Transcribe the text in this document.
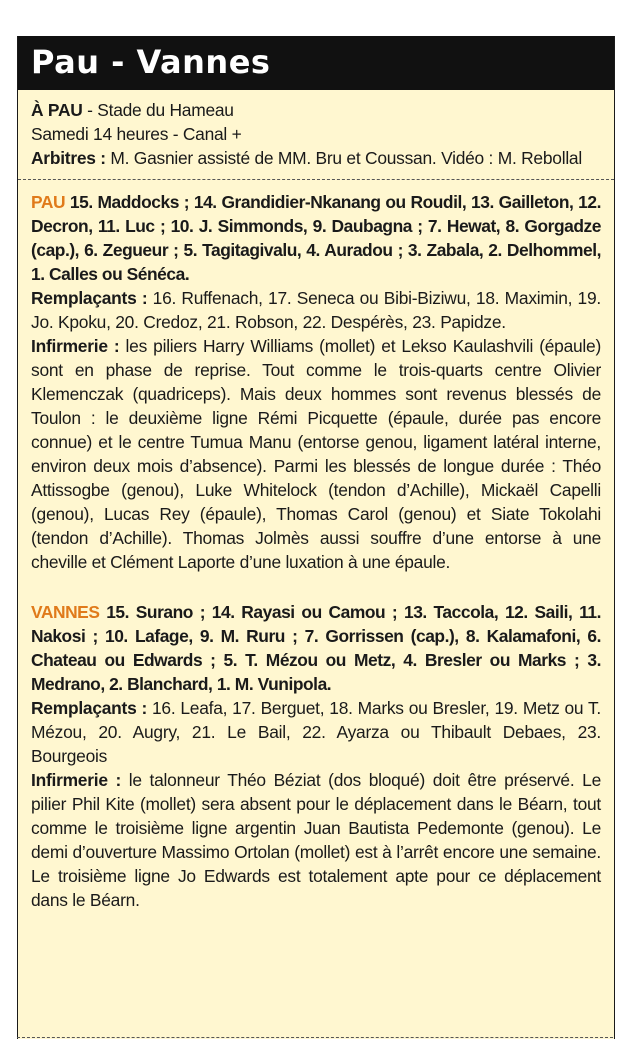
Pau - Vannes

À PAU - Stade du Hameau

Samedi 14 heures - Canal +

Arbitres : M. Gasnier assisté de MM. Bru et Coussan. Vidéo : M. Rebollal

PAU 15. Maddocks ; 14. Grandidier-Nkanang ou Roudil, 13. Gailleton, 12. Decron, 11. Luc ; 10. J. Simmonds, 9. Daubagna ; 7. Hewat, 8. Gorgadze (cap.), 6. Zegueur ; 5. Tagitagivalu, 4. Auradou ; 3. Zabala, 2. Delhommel, 1. Calles ou Sénéca.

Remplaçants : 16. Ruffenach, 17. Seneca ou Bibi-Biziwu, 18. Maximin, 19. Jo. Kpoku, 20. Credoz, 21. Robson, 22. Despérès, 23. Papidze.

Infirmerie : les piliers Harry Williams (mollet) et Lekso Kaulashvili (épaule) sont en phase de reprise. Tout comme le trois-quarts centre Olivier Klemenczak (quadriceps). Mais deux hommes sont revenus blessés de Toulon : le deuxième ligne Rémi Picquette (épaule, durée pas encore connue) et le centre Tumua Manu (entorse genou, ligament latéral interne, environ deux mois d’absence). Parmi les blessés de longue durée : Théo Attissogbe (genou), Luke Whitelock (tendon d’Achille), Mickaël Capelli (genou), Lucas Rey (épaule), Thomas Carol (genou) et Siate Tokolahi (tendon d’Achille). Thomas Jolmès aussi souffre d’une entorse à une cheville et Clément Laporte d’une luxation à une épaule.

VANNES 15. Surano ; 14. Rayasi ou Camou ; 13. Taccola, 12. Saili, 11. Nakosi ; 10. Lafage, 9. M. Ruru ; 7. Gorrissen (cap.), 8. Kalamafoni, 6. Chateau ou Edwards ; 5. T. Mézou ou Metz, 4. Bresler ou Marks ; 3. Medrano, 2. Blanchard, 1. M. Vunipola.

Remplaçants : 16. Leafa, 17. Berguet, 18. Marks ou Bresler, 19. Metz ou T. Mézou, 20. Augry, 21. Le Bail, 22. Ayarza ou Thibault Debaes, 23. Bourgeois

Infirmerie : le talonneur Théo Béziat (dos bloqué) doit être préservé. Le pilier Phil Kite (mollet) sera absent pour le déplacement dans le Béarn, tout comme le troisième ligne argentin Juan Bautista Pedemonte (genou). Le demi d’ouverture Massimo Ortolan (mollet) est à l’arrêt encore une semaine. Le troisième ligne Jo Edwards est totalement apte pour ce déplacement dans le Béarn.
